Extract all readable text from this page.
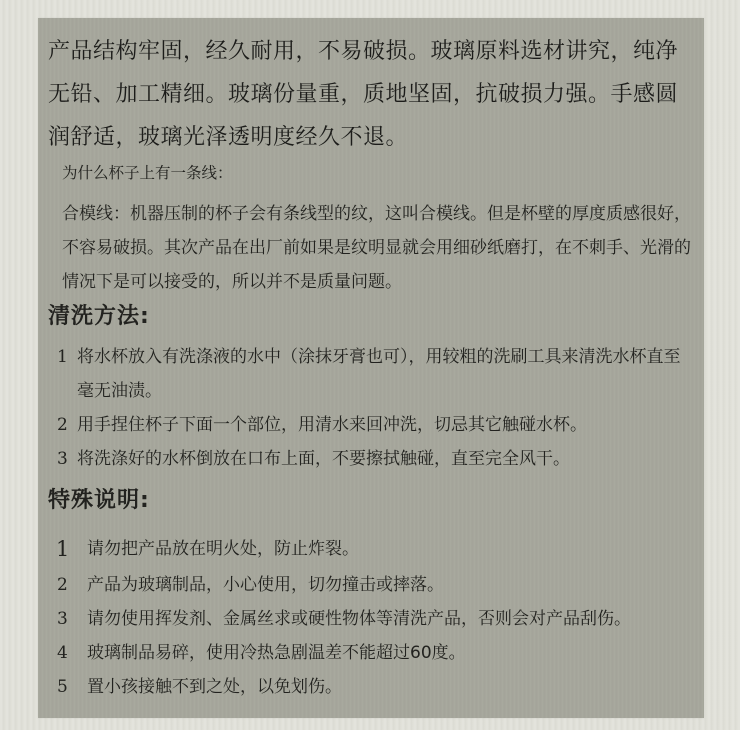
产品结构牢固，经久耐用，不易破损。玻璃原料选材讲究，纯净无铅、加工精细。玻璃份量重，质地坚固，抗破损力强。手感圆润舒适，玻璃光泽透明度经久不退。

为什么杯子上有一条线：

合模线：机器压制的杯子会有条线型的纹，这叫合模线。但是杯壁的厚度质感很好，不容易破损。其次产品在出厂前如果是纹明显就会用细砂纸磨打，在不刺手、光滑的情况下是可以接受的，所以并不是质量问题。

清洗方法:
1 将水杯放入有洗涤液的水中（涂抹牙膏也可），用较粗的洗刷工具来清洗水杯直至毫无油渍。
2 用手捏住杯子下面一个部位，用清水来回冲洗，切忌其它触碰水杯。
3 将洗涤好的水杯倒放在口布上面，不要擦拭触碰，直至完全风干。
特殊说明:
1 请勿把产品放在明火处，防止炸裂。
2 产品为玻璃制品，小心使用，切勿撞击或摔落。
3 请勿使用挥发剂、金属丝求或硬性物体等清洗产品，否则会对产品刮伤。
4 玻璃制品易碎，使用冷热急剧温差不能超过60度。
5 置小孩接触不到之处，以免划伤。
